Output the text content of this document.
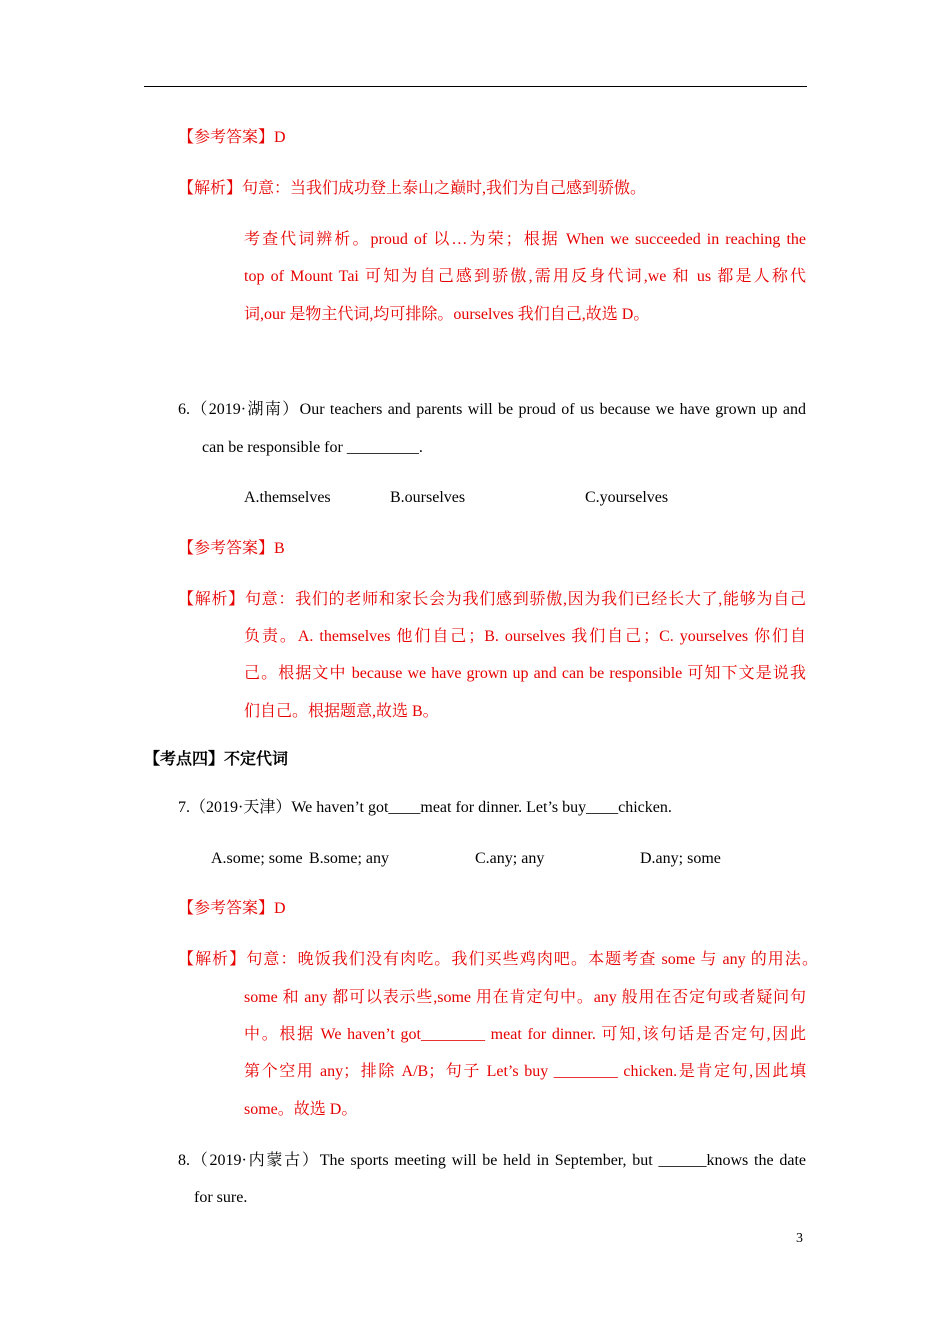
【参考答案】D
【解析】句意：当我们成功登上泰山之巅时,我们为自己感到骄傲。
考查代词辨析。proud of 以…为荣；根据 When we succeeded in reaching the
top of Mount Tai 可知为自己感到骄傲,需用反身代词,we 和 us 都是人称代
词,our 是物主代词,均可排除。ourselves 我们自己,故选 D。
6.（2019·湖南）Our teachers and parents will be proud of us because we have grown up and
can be responsible for _________.
A.themselves	B.ourselves	C.yourselves
【参考答案】B
【解析】句意：我们的老师和家长会为我们感到骄傲,因为我们已经长大了,能够为自己
负责。A. themselves 他们自己；B. ourselves 我们自己；C. yourselves 你们自
己。根据文中 because we have grown up and can be responsible 可知下文是说我
们自己。根据题意,故选 B。
【考点四】不定代词
7.（2019·天津）We haven’t got____meat for dinner. Let’s buy____chicken.
A.some; some B.some; any	C.any; any	D.any; some
【参考答案】D
【解析】句意：晚饭我们没有肉吃。我们买些鸡肉吧。本题考查 some 与 any 的用法。
some 和 any 都可以表示些,some 用在肯定句中。any 般用在否定句或者疑问句
中。根据 We haven’t got________ meat for dinner. 可知,该句话是否定句,因此
第个空用 any；排除 A/B；句子 Let’s buy ________ chicken.是肯定句,因此填
some。故选 D。
8.（2019·内蒙古）The sports meeting will be held in September, but ______knows the date
for sure.
3
